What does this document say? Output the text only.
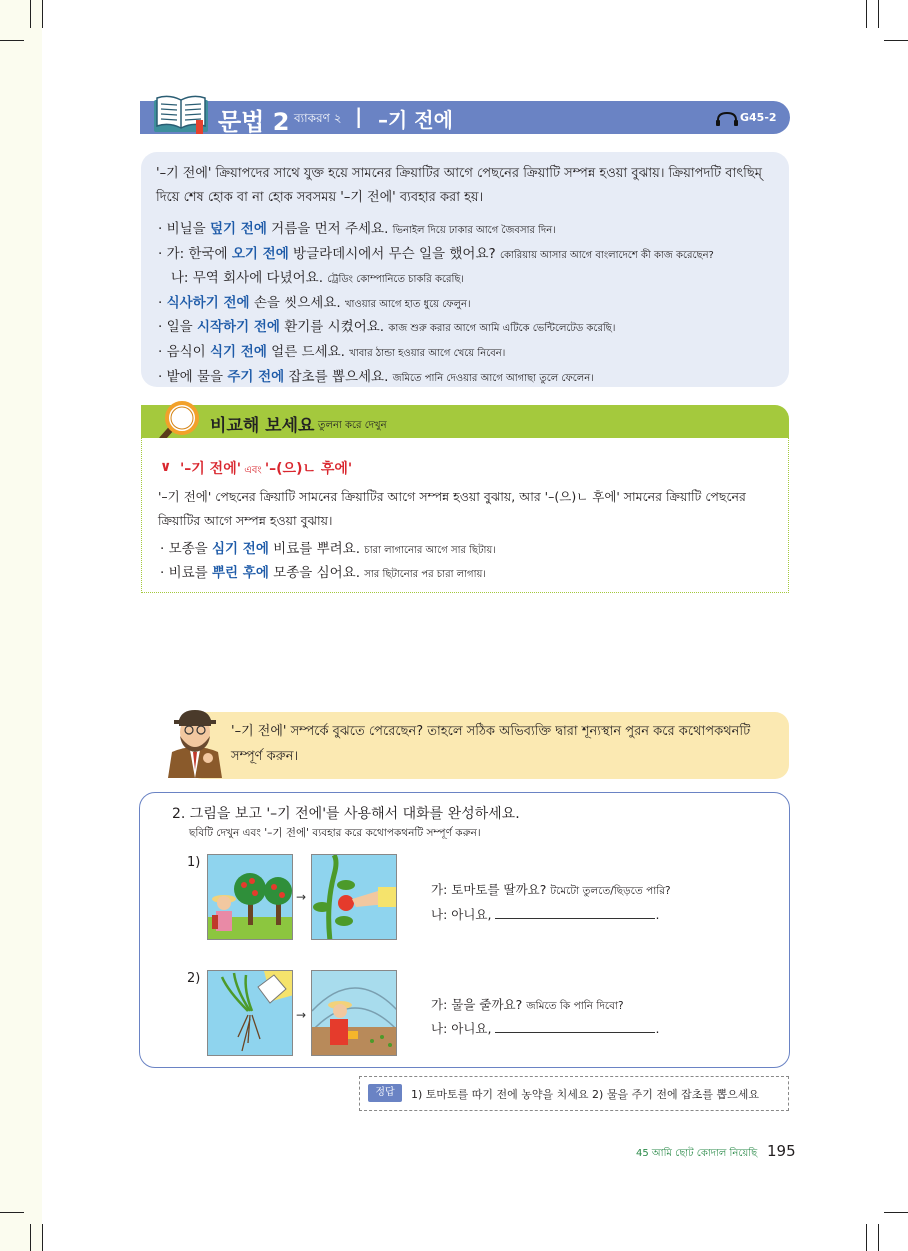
문법 2 ব্যাকরণ ২ | –기 전에	G45-2
'–기 전에' ক্রিয়াপদের সাথে যুক্ত হয়ে সামনের ক্রিয়াটির আগে পেছনের ক্রিয়াটি সম্পন্ন হওয়া বুঝায়। ক্রিয়াপদটি বাৎছিম্ দিয়ে শেষ হোক বা না হোক সবসময় '–기 전에' ব্যবহার করা হয়।
· 비닐을 덮기 전에 거름을 먼저 주세요. ভিনাইল দিয়ে ঢাকার আগে জৈবসার দিন।
· 가: 한국에 오기 전에 방글라데시에서 무슨 일을 했어요? কোরিয়ায় আসার আগে বাংলাদেশে কী কাজ করেছেন?
나: 무역 회사에 다녔어요. ট্রেডিং কোম্পানিতে চাকরি করেছি।
· 식사하기 전에 손을 씻으세요. খাওয়ার আগে হাত ধুয়ে ফেলুন।
· 일을 시작하기 전에 환기를 시켰어요. কাজ শুরু করার আগে আমি এটিকে ভেন্টিলেটেড করেছি।
· 음식이 식기 전에 얼른 드세요. খাবার ঠান্ডা হওয়ার আগে খেয়ে নিবেন।
· 밭에 물을 주기 전에 잡초를 뽑으세요. জমিতে পানি দেওয়ার আগে আগাছা তুলে ফেলেন।
비교해 보세요 তুলনা করে দেখুন
∨ '–기 전에' এবং '–(으)ㄴ 후에'
'–기 전에' পেছনের ক্রিয়াটি সামনের ক্রিয়াটির আগে সম্পন্ন হওয়া বুঝায়, আর '–(으)ㄴ 후에' সামনের ক্রিয়াটি পেছনের ক্রিয়াটির আগে সম্পন্ন হওয়া বুঝায়।
· 모종을 심기 전에 비료를 뿌려요. চারা লাগানোর আগে সার ছিটায়।
· 비료를 뿌린 후에 모종을 심어요. সার ছিটানোর পর চারা লাগায়।
'–기 전에' সম্পর্কে বুঝতে পেরেছেন? তাহলে সঠিক অভিব্যক্তি দ্বারা শূন্যস্থান পুরন করে কথোপকথনটি সম্পূর্ণ করুন।
2. 그림을 보고 '–기 전에'를 사용해서 대화를 완성하세요.
ছবিটি দেখুন এবং '–기 전에' ব্যবহার করে কথোপকথনটি সম্পূর্ণ করুন।
1)
→	가: 토마토를 딸까요? টমেটো তুলতে/ছিড়তে পারি?
나: 아니요,	.
2)
→
가: 물을 줄까요? জমিতে কি পানি দিবো?
나: 아니요,	.
정답	1) 토마토를 따기 전에 농약을 치세요 2) 물을 주기 전에 잡초를 뽑으세요
45 আমি ছোট কোদাল নিয়েছি 195
